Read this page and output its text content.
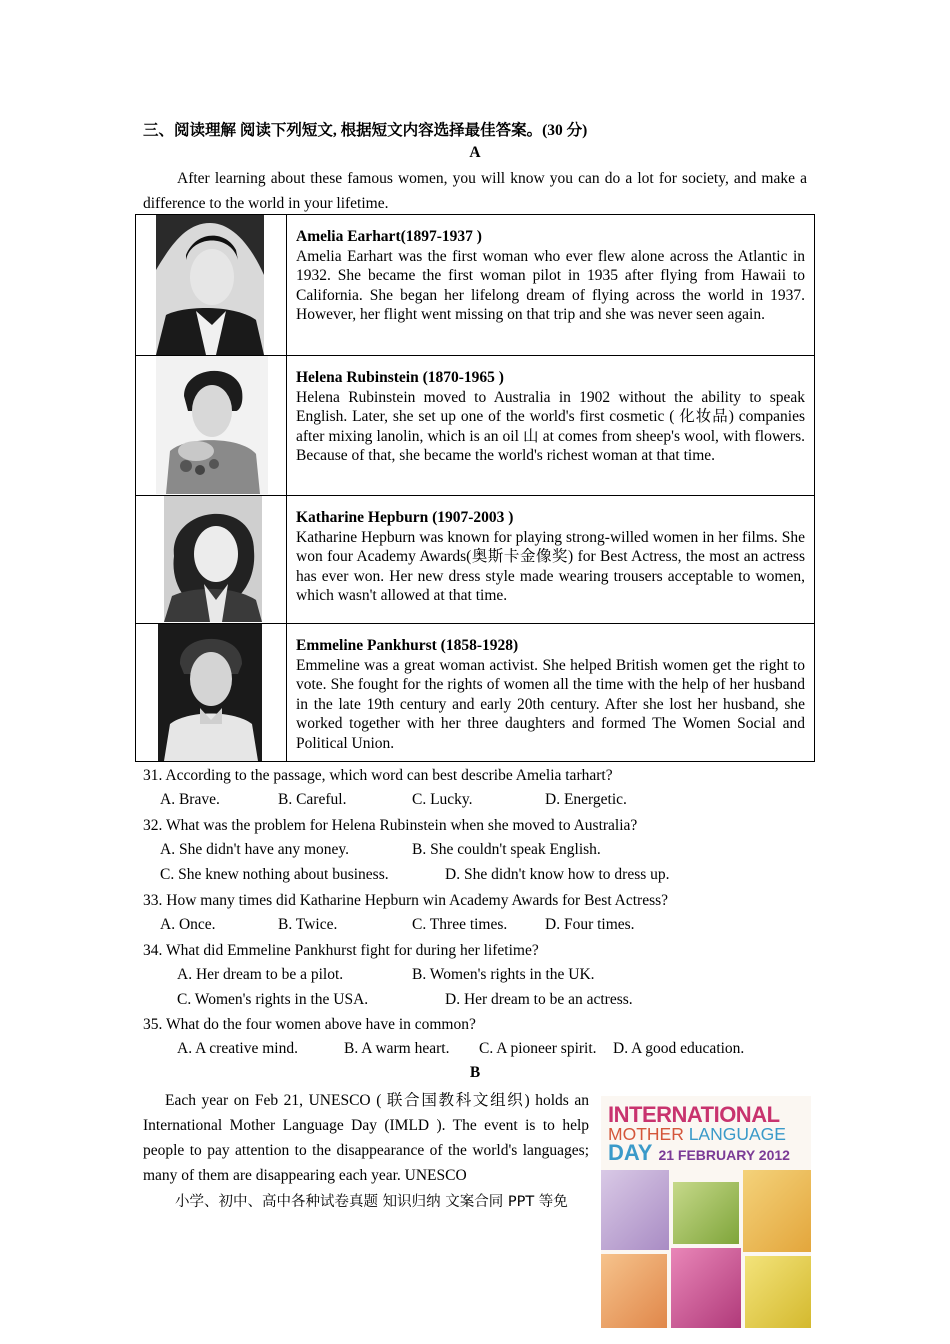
三、阅读理解 阅读下列短文, 根据短文内容选择最佳答案。(30 分)
A
After learning about these famous women, you will know you can do a lot for society, and make a difference to the world in your lifetime.

Amelia Earhart(1897-1937 )
Amelia Earhart was the first woman who ever flew alone across the Atlantic in 1932. She became the first woman pilot in 1935 after flying from Hawaii to California. She began her lifelong dream of flying across the world in 1937. However, her flight went missing on that trip and she was never seen again.

Helena Rubinstein (1870-1965 )
Helena Rubinstein moved to Australia in 1902 without the ability to speak English. Later, she set up one of the world's first cosmetic ( 化妆品) companies after mixing lanolin, which is an oil 山 at comes from sheep's wool, with flowers. Because of that, she became the world's richest woman at that time.

Katharine Hepburn (1907-2003 )
Katharine Hepburn was known for playing strong-willed women in her films. She won four Academy Awards(奥斯卡金像奖) for Best Actress, the most an actress has ever won. Her new dress style made wearing trousers acceptable to women, which wasn't allowed at that time.

Emmeline Pankhurst (1858-1928)
Emmeline was a great woman activist. She helped British women get the right to vote. She fought for the rights of women all the time with the help of her husband in the late 19th century and early 20th century. After she lost her husband, she worked together with her three daughters and formed The Women Social and Political Union.
31. According to the passage, which word can best describe Amelia tarhart?
A. Brave.	B. Careful.	C. Lucky.	D. Energetic.
32. What was the problem for Helena Rubinstein when she moved to Australia?
A. She didn't have any money.	B. She couldn't speak English.
C. She knew nothing about business.	D. She didn't know how to dress up.
33. How many times did Katharine Hepburn win Academy Awards for Best Actress?
A. Once.	B. Twice.	C. Three times. D. Four times.
34. What did Emmeline Pankhurst fight for during her lifetime?
A. Her dream to be a pilot.	B. Women's rights in the UK.
C. Women's rights in the USA.	D. Her dream to be an actress.
35. What do the four women above have in common?
A. A creative mind.	B. A warm heart. C. A pioneer spirit. D. A good education.
B
Each year on Feb 21, UNESCO ( 联合国教科文组织) holds an International Mother Language Day (IMLD ). The event is to help people to pay attention to the disappearance of the world's languages; many of them are disappearing each year. UNESCO
小学、初中、高中各种试卷真题 知识归纳 文案合同 PPT 等免
INTERNATIONAL
MOTHER LANGUAGE
DAY 21 FEBRUARY 2012
